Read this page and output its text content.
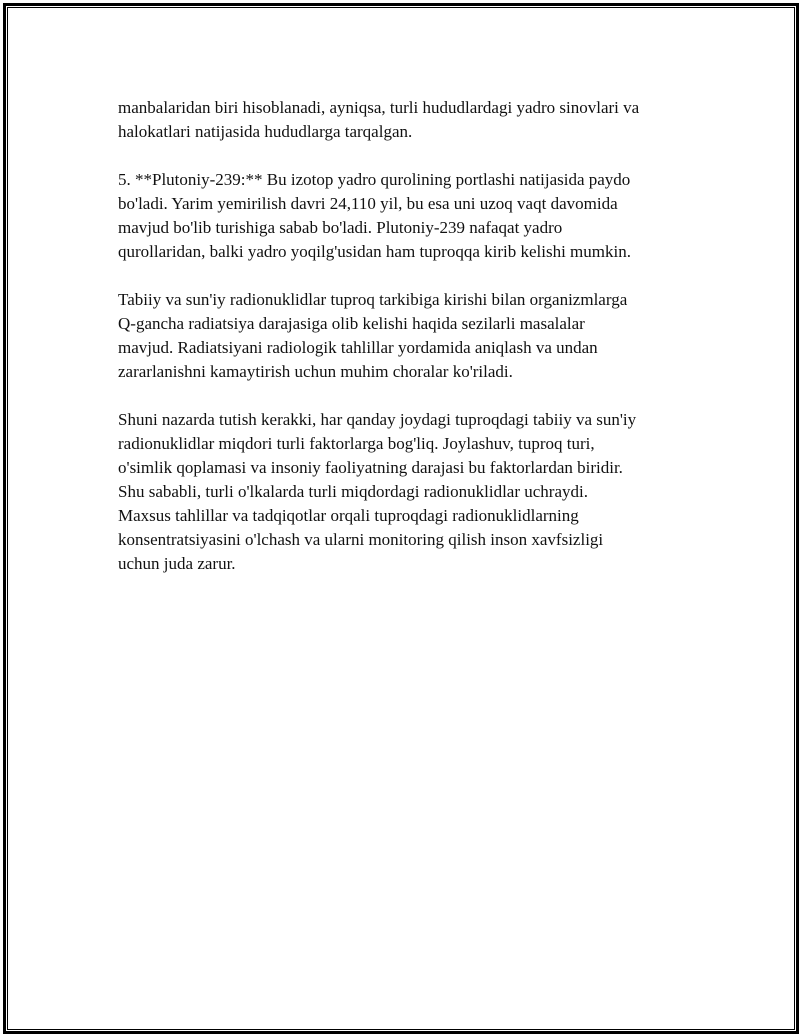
manbalaridan biri hisoblanadi, ayniqsa, turli hududlardagi yadro sinovlari va
halokatlari natijasida hududlarga tarqalgan.

5. **Plutoniy-239:** Bu izotop yadro qurolining portlashi natijasida paydo
bo'ladi. Yarim yemirilish davri 24,110 yil, bu esa uni uzoq vaqt davomida
mavjud bo'lib turishiga sabab bo'ladi. Plutoniy-239 nafaqat yadro
qurollaridan, balki yadro yoqilg'usidan ham tuproqqa kirib kelishi mumkin.

Tabiiy va sun'iy radionuklidlar tuproq tarkibiga kirishi bilan organizmlarga
Q-gancha radiatsiya darajasiga olib kelishi haqida sezilarli masalalar
mavjud. Radiatsiyani radiologik tahlillar yordamida aniqlash va undan
zararlanishni kamaytirish uchun muhim choralar ko'riladi.

Shuni nazarda tutish kerakki, har qanday joydagi tuproqdagi tabiiy va sun'iy
radionuklidlar miqdori turli faktorlarga bog'liq. Joylashuv, tuproq turi,
o'simlik qoplamasi va insoniy faoliyatning darajasi bu faktorlardan biridir.
Shu sababli, turli o'lkalarda turli miqdordagi radionuklidlar uchraydi.
Maxsus tahlillar va tadqiqotlar orqali tuproqdagi radionuklidlarning
konsentratsiyasini o'lchash va ularni monitoring qilish inson xavfsizligi
uchun juda zarur.
